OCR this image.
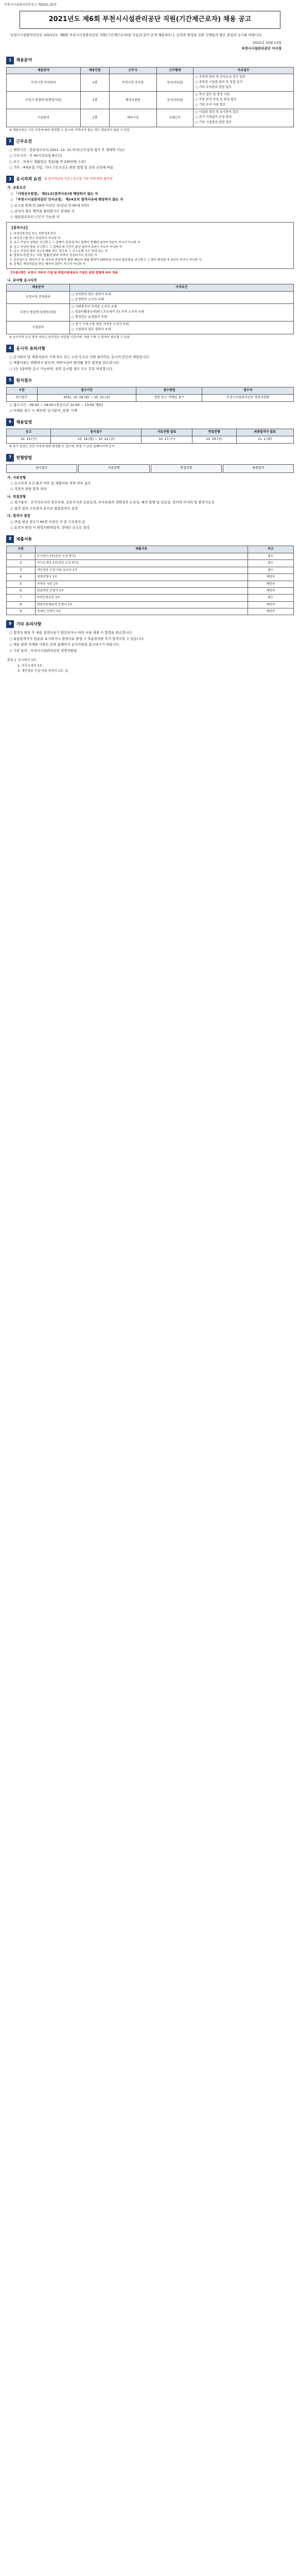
부천시시설관리공단공고 제2021-25호
2021년도 제6회 부천시시설관리공단 직원(기간제근로자) 채용 공고
부천시시설관리공단은 2021년도 제6회 부천시시설관리공단 직원(기간제근로자)을 다음과 같이 공개 채용하오니, 능력과 열정을 갖춘 인재들의 많은 관심과 응시를 바랍니다.
2021년 10월 13일
부천시시설관리공단 이사장
1	채용분야
채용분야	채용인원	근무지	근무형태	주요업무
부천시청 주차관리	1명	부천시청 주차장	상시(주5일)	○ 주차장 관리 및 주차요금 징수 업무
○ 주차장 시설물 관리 및 청결 유지
○ 기타 주차관리 관련 업무

부천시 통합복지(행정지원)	1명	행정지원팀	상시(주5일)	○ 복지 업무 및 행정 지원
○ 각종 문서 작성 및 관리 업무
○ 기타 부서 지원 업무

시설관리	1명	체육시설	교대근무	○ 시설물 점검 및 유지관리 업무
○ 전기·기계설비 운영 관리
○ 기타 시설관리 관련 업무
※ 채용인원은 기관 사정에 따라 변경될 수 있으며, 적격자가 없는 경우 채용하지 않을 수 있음
2	근무조건
○ 계약기간 : 임용일로부터 2021. 12. 31.까지(근무성적 평가 후 재계약 가능)
○ 근무시간 : 주 40시간(1일 8시간)
○ 보수 : 부천시 생활임금 적용(월 약 230만원 수준)
○ 기타 : 4대보험 가입, 기타 근로조건은 관련 법령 및 공단 규정에 따름
3	응시자격 요건 ※ 접수마감일 기준 / 공고일 기준 이력 변동 불인정
가. 공통요건
○ 「지방공무원법」 제31조(결격사유)에 해당하지 않는 자
○ 「부천시시설관리공단 인사규정」 제14조의 결격사유에 해당하지 않는 자
○ 공고일 현재 만 18세 이상인 자(정년 만 60세 미만)
○ 남자의 경우 병역을 필하였거나 면제된 자
○ 채용일로부터 근무가 가능한 자
【결격사유】
1. 피성년후견인 또는 피한정후견인
2. 파산선고를 받고 복권되지 아니한 자
3. 금고 이상의 실형을 선고받고 그 집행이 종료되거나 집행이 면제된 날부터 5년이 지나지 아니한 자
4. 금고 이상의 형을 선고받고 그 집행유예 기간이 끝난 날부터 2년이 지나지 아니한 자
5. 금고 이상의 형의 선고유예를 받은 경우에 그 선고유예 기간 중에 있는 자
6. 법원의 판결 또는 다른 법률에 따라 자격이 상실되거나 정지된 자
7. 공무원으로 재직기간 중 직무와 관련하여 횡령·배임의 죄를 범하여 300만원 이상의 벌금형을 선고받고 그 형이 확정된 후 2년이 지나지 아니한 자
8. 징계로 해임처분을 받은 때부터 3년이 지나지 아니한 자
【가점사항】 부천시 거주자 가점 및 취업지원대상자 가점은 관련 법령에 따라 적용
나. 분야별 응시자격
채용분야	자격요건
부천시청 주차관리	○ 주차관리 업무 경력자 우대
○ 운전면허 소지자 우대

부천시 통합복지(행정지원)	○ 사회복지사 자격증 소지자 우대
○ 컴퓨터활용능력(워드프로세서 등) 자격 소지자 우대
○ 행정업무 유경험자 우대

시설관리	○ 전기·기계·소방 관련 자격증 소지자 우대
○ 시설관리 업무 경력자 우대
※ 응시자격 요건 충족 여부는 원서접수 마감일 기준이며, 허위 기재 시 합격이 취소될 수 있음
4	응시자 유의사항
○ 응시원서 및 제출서류의 기재 착오 또는 누락 등으로 인한 불이익은 응시자 본인의 책임입니다.
○ 제출서류는 반환하지 않으며, 허위사실이 발견될 경우 합격을 취소합니다.
○ 1인 1분야만 응시 가능하며, 중복 응시할 경우 모두 무효 처리합니다.
5	원서접수
구분	접수기간	접수방법	접수처
원서접수	2021. 10. 18.(월) ~ 10. 22.(금)	방문 또는 이메일 접수	부천시시설관리공단 경영지원팀
○ 접수시간 : 09:00 ~ 18:00 (점심시간 12:00 ~ 13:00 제외)
○ 이메일 접수 시 제목에 '응시분야_성명' 기재
6	채용일정
공고	원서접수	서류전형 발표	면접전형	최종합격자 발표
10. 13.(수)	10. 18.(월) ~ 10. 22.(금)	10. 27.(수)	10. 29.(금)	11. 2.(화)
※ 상기 일정은 공단 사정에 따라 변경될 수 있으며, 변경 시 공단 홈페이지에 공지
7	전형방법
원서접수	서류전형	면접전형	최종합격
가. 서류전형
○ 응시자격 요건 충족 여부 및 제출서류 적격 여부 심사
○ 적격자 전원 합격 처리
나. 면접전형
○ 평가항목 : 공직자로서의 정신자세, 전문지식과 응용능력, 의사표현의 정확성과 논리성, 예의·품행 및 성실성, 창의력·의지력 및 발전가능성
○ 평정 결과 고득점자 순으로 최종합격자 결정
다. 합격자 결정
○ 면접 평균 점수가 60점 이상인 자 중 고득점자 순
○ 동점자 발생 시 취업지원대상자, 장애인 순으로 결정
8	제출서류
구분	제출서류	비고
1	응시원서 1부(공단 소정 양식)	필수
2	자기소개서 1부(공단 소정 양식)	필수
3	개인정보 수집·이용 동의서 1부	필수
4	경력증명서 1부	해당자
5	자격증 사본 1부	해당자
6	최종학력 증명서 1부	해당자
7	주민등록등본 1부	필수
8	취업지원대상자 증명서 1부	해당자
9	장애인 증명서 1부	해당자
9	기타 유의사항
○ 합격자 발표 후 채용 결격사유가 발견되거나 허위 서류 제출 시 합격을 취소합니다.
○ 최종합격자가 임용을 포기하거나 결격사유 발생 시 차순위자를 추가 합격시킬 수 있습니다.
○ 채용 관련 자세한 사항은 공단 홈페이지 공지사항을 참고하시기 바랍니다.
○ 기타 문의 : 부천시시설관리공단 경영지원팀
붙임 1. 응시원서 1부.
2. 자기소개서 1부.
3. 개인정보 수집·이용 동의서 1부. 끝.
